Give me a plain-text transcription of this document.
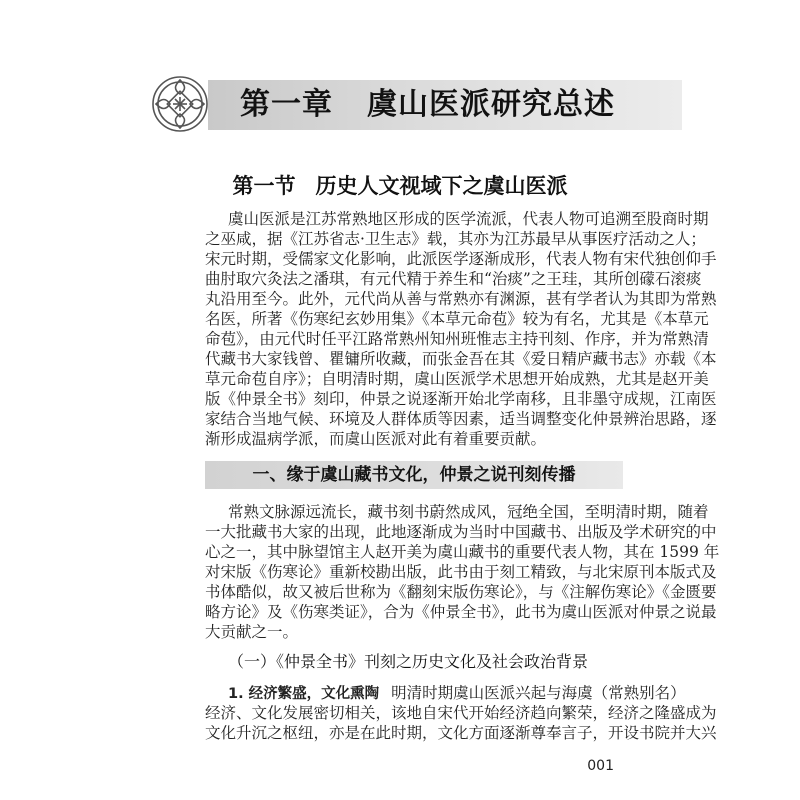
第一章 虞山医派研究总述
第一节 历史人文视域下之虞山医派
虞山医派是江苏常熟地区形成的医学流派，代表人物可追溯至股商时期
之巫咸，据《江苏省志·卫生志》载，其亦为江苏最早从事医疗活动之人；
宋元时期，受儒家文化影响，此派医学逐渐成形，代表人物有宋代独创仰手
曲肘取穴灸法之潘琪，有元代精于养生和“治痰”之王珪，其所创礞石滚痰
丸沿用至今。此外，元代尚从善与常熟亦有渊源，甚有学者认为其即为常熟
名医，所著《伤寒纪玄妙用集》《本草元命苞》较为有名，尤其是《本草元
命苞》，由元代时任平江路常熟州知州班惟志主持刊刻、作序，并为常熟清
代藏书大家钱曾、瞿镛所收藏，而张金吾在其《爱日精庐藏书志》亦载《本
草元命苞自序》；自明清时期，虞山医派学术思想开始成熟，尤其是赵开美
版《仲景全书》刻印，仲景之说逐渐开始北学南移，且非墨守成规，江南医
家结合当地气候、环境及人群体质等因素，适当调整变化仲景辨治思路，逐
渐形成温病学派，而虞山医派对此有着重要贡献。
一、缘于虞山藏书文化，仲景之说刊刻传播
常熟文脉源远流长，藏书刻书蔚然成风，冠绝全国，至明清时期，随着
一大批藏书大家的出现，此地逐渐成为当时中国藏书、出版及学术研究的中
心之一，其中脉望馆主人赵开美为虞山藏书的重要代表人物，其在 1599 年
对宋版《伤寒论》重新校勘出版，此书由于刻工精致，与北宋原刊本版式及
书体酷似，故又被后世称为《翻刻宋版伤寒论》，与《注解伤寒论》《金匮要
略方论》及《伤寒类证》，合为《仲景全书》，此书为虞山医派对仲景之说最
大贡献之一。
（一）《仲景全书》刊刻之历史文化及社会政治背景
1. 经济繁盛，文化熏陶 明清时期虞山医派兴起与海虞（常熟别名）
经济、文化发展密切相关，该地自宋代开始经济趋向繁荣，经济之隆盛成为
文化升沉之枢纽，亦是在此时期，文化方面逐渐尊奉言子，开设书院并大兴
001
